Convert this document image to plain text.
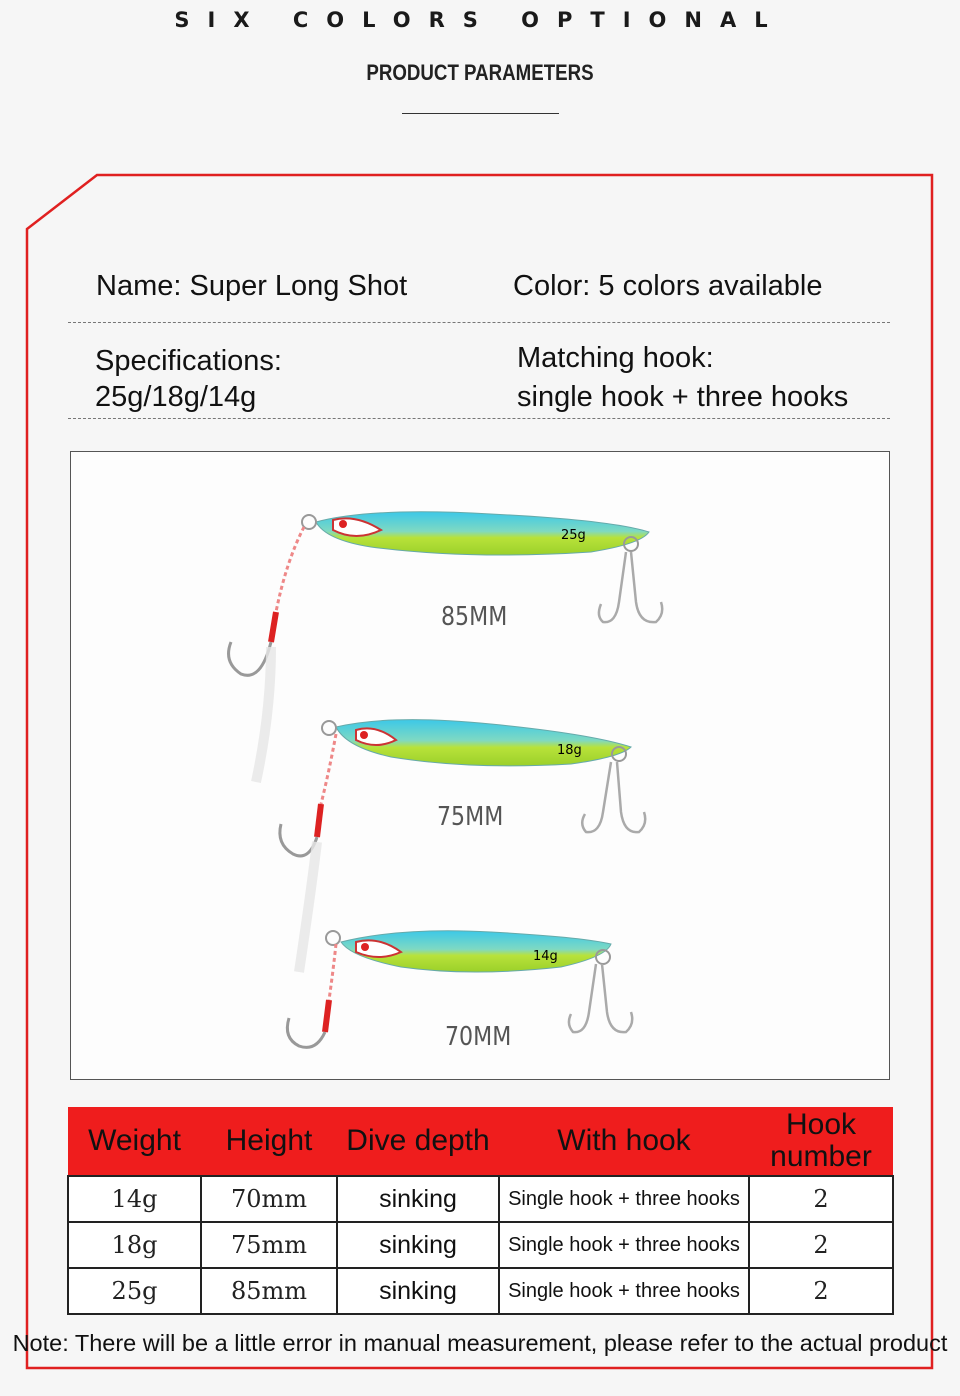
SIX COLORS OPTIONAL
PRODUCT PARAMETERS
Name: Super Long Shot	Color: 5 colors available
Specifications:
25g/18g/14g
Matching hook:
single hook + three hooks
25g
18g
14g
85MM
75MM
70MM
Weight	Height	Dive depth	With hook	Hook number
14g	70mm	sinking	Single hook + three hooks	2
18g	75mm	sinking	Single hook + three hooks	2
25g	85mm	sinking	Single hook + three hooks	2
Note: There will be a little error in manual measurement, please refer to the actual product
